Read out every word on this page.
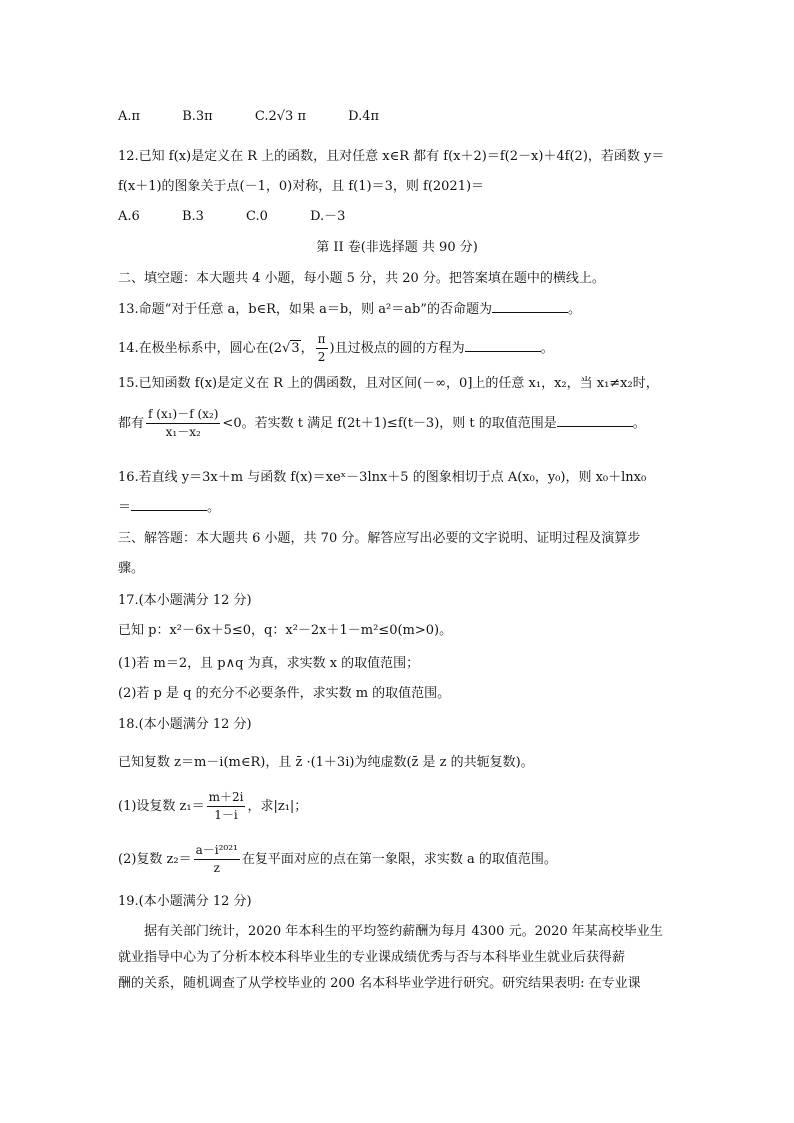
A.π	B.3π	C.2√3 π	D.4π
12.已知 f(x)是定义在 R 上的函数，且对任意 x∈R 都有 f(x＋2)＝f(2－x)＋4f(2)，若函数 y＝
f(x＋1)的图象关于点(－1，0)对称，且 f(1)＝3，则 f(2021)＝
A.6	B.3	C.0	D.－3
第 II 卷(非选择题 共 90 分)
二、填空题：本大题共 4 小题，每小题 5 分，共 20 分。把答案填在题中的横线上。
13.命题“对于任意 a，b∈R，如果 a＝b，则 a²＝ab”的否命题为	。
14.在极坐标系中，圆心在(2√3， $\frac{\pi}{2}$ )且过极点的圆的方程为	。
15.已知函数 f(x)是定义在 R 上的偶函数，且对区间(－∞，0]上的任意 x₁，x₂，当 x₁≠x₂时，
都有 $\frac{\text{f (x₁)－f (x₂)}}{\text{x₁－x₂}} <0$。若实数 t 满足 f(2t＋1)≤f(t－3)，则 t 的取值范围是	。
16.若直线 y＝3x＋m 与函数 f(x)＝xeˣ－3lnx＋5 的图象相切于点 A(x₀，y₀)，则 x₀＋lnx₀
＝	。
三、解答题：本大题共 6 小题，共 70 分。解答应写出必要的文字说明、证明过程及演算步
骤。
17.(本小题满分 12 分)
已知 p：x²－6x＋5≤0，q：x²－2x＋1－m²≤0(m>0)。
(1)若 m＝2，且 p∧q 为真，求实数 x 的取值范围；
(2)若 p 是 q 的充分不必要条件，求实数 m 的取值范围。
18.(本小题满分 12 分)
已知复数 z＝m－i(m∈R)，且 z̄ ·(1＋3i)为纯虚数(z̄ 是 z 的共轭复数)。
(1)设复数 $z_1= \frac{m+2i}{1-i}$ ，求|z₁|；
(2)复数 $z_2= \frac{\text{a－i²⁰²¹}}{z}$ 在复平面对应的点在第一象限，求实数 a 的取值范围。
19.(本小题满分 12 分)

据有关部门统计，2020 年本科生的平均签约薪酬为每月 4300 元。2020 年某高校毕业生

就业指导中心为了分析本校本科毕业生的专业课成绩优秀与否与本科毕业生就业后获得薪

酬的关系，随机调查了从学校毕业的 200 名本科毕业学进行研究。研究结果表明: 在专业课
